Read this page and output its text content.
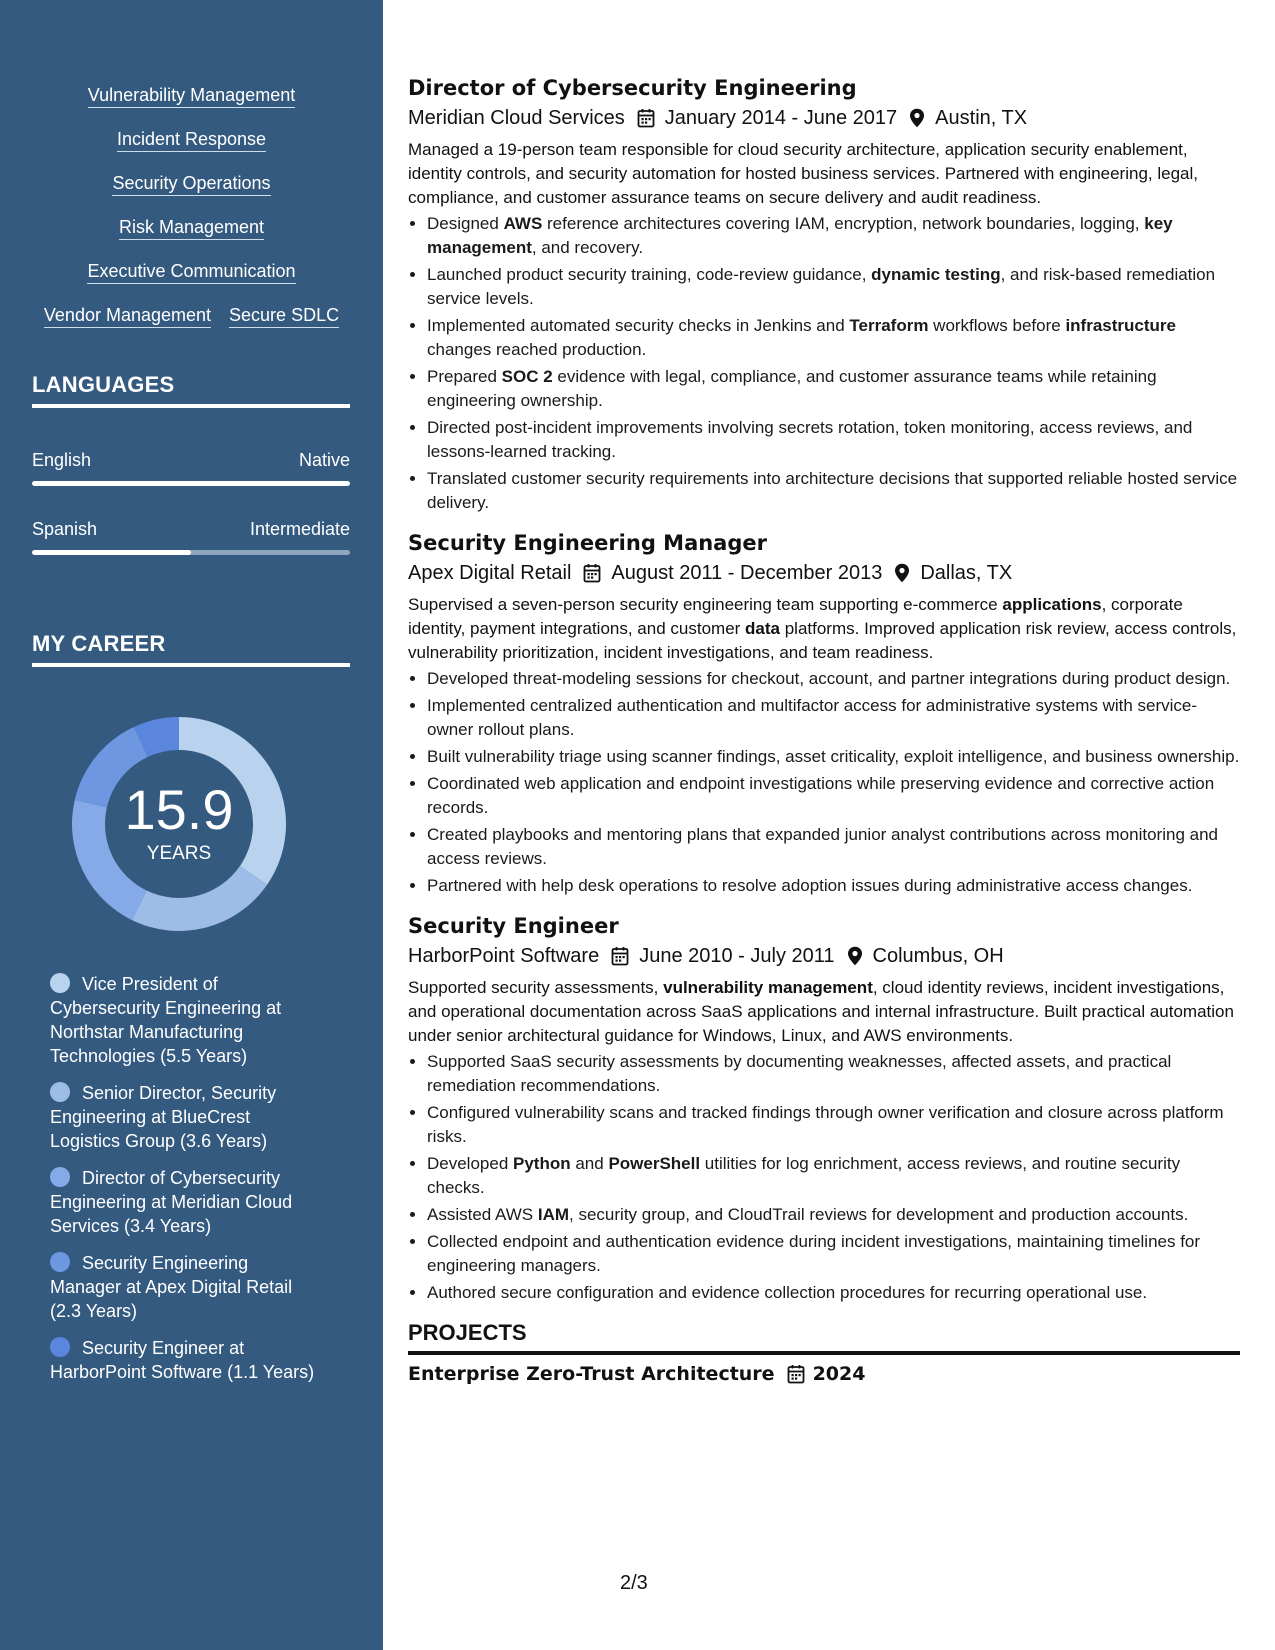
Vulnerability Management
Incident Response
Security Operations
Risk Management
Executive Communication
Vendor Management Secure SDLC
LANGUAGES
English	Native
Spanish	Intermediate
MY CAREER
15.9
YEARS
Vice President of Cybersecurity Engineering at Northstar Manufacturing Technologies (5.5 Years)
Senior Director, Security Engineering at BlueCrest Logistics Group (3.6 Years)
Director of Cybersecurity Engineering at Meridian Cloud Services (3.4 Years)
Security Engineering Manager at Apex Digital Retail (2.3 Years)
Security Engineer at HarborPoint Software (1.1 Years)
Director of Cybersecurity Engineering
Meridian Cloud Services January 2014 - June 2017 Austin, TX
Managed a 19-person team responsible for cloud security architecture, application security enablement, identity controls, and security automation for hosted business services. Partnered with engineering, legal, compliance, and customer assurance teams on secure delivery and audit readiness.
• Designed AWS reference architectures covering IAM, encryption, network boundaries, logging, key management, and recovery.
• Launched product security training, code-review guidance, dynamic testing, and risk-based remediation service levels.
• Implemented automated security checks in Jenkins and Terraform workflows before infrastructure changes reached production.
• Prepared SOC 2 evidence with legal, compliance, and customer assurance teams while retaining engineering ownership.
• Directed post-incident improvements involving secrets rotation, token monitoring, access reviews, and lessons-learned tracking.
• Translated customer security requirements into architecture decisions that supported reliable hosted service delivery.
Security Engineering Manager
Apex Digital Retail August 2011 - December 2013 Dallas, TX
Supervised a seven-person security engineering team supporting e-commerce applications, corporate identity, payment integrations, and customer data platforms. Improved application risk review, access controls, vulnerability prioritization, incident investigations, and team readiness.
• Developed threat-modeling sessions for checkout, account, and partner integrations during product design.
• Implemented centralized authentication and multifactor access for administrative systems with service-owner rollout plans.
• Built vulnerability triage using scanner findings, asset criticality, exploit intelligence, and business ownership.
• Coordinated web application and endpoint investigations while preserving evidence and corrective action records.
• Created playbooks and mentoring plans that expanded junior analyst contributions across monitoring and access reviews.
• Partnered with help desk operations to resolve adoption issues during administrative access changes.
Security Engineer
HarborPoint Software June 2010 - July 2011 Columbus, OH
Supported security assessments, vulnerability management, cloud identity reviews, incident investigations, and operational documentation across SaaS applications and internal infrastructure. Built practical automation under senior architectural guidance for Windows, Linux, and AWS environments.
• Supported SaaS security assessments by documenting weaknesses, affected assets, and practical remediation recommendations.
• Configured vulnerability scans and tracked findings through owner verification and closure across platform risks.
• Developed Python and PowerShell utilities for log enrichment, access reviews, and routine security checks.
• Assisted AWS IAM, security group, and CloudTrail reviews for development and production accounts.
• Collected endpoint and authentication evidence during incident investigations, maintaining timelines for engineering managers.
• Authored secure configuration and evidence collection procedures for recurring operational use.
PROJECTS
Enterprise Zero-Trust Architecture 2024
2/3
